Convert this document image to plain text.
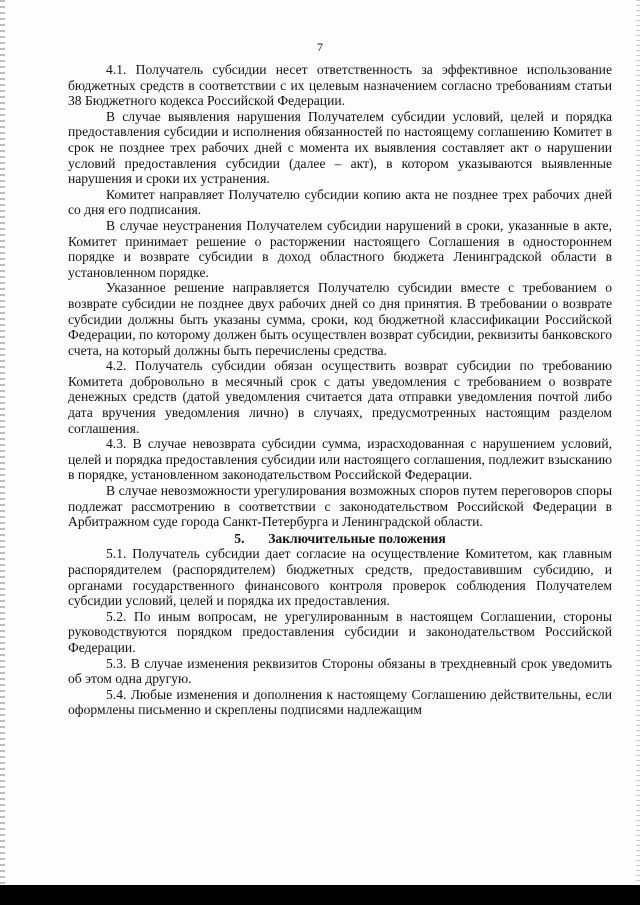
7

4.1. Получатель субсидии несет ответственность за эффективное использование бюджетных средств в соответствии с их целевым назначением согласно требованиям статьи 38 Бюджетного кодекса Российской Федерации.

В случае выявления нарушения Получателем субсидии условий, целей и порядка предоставления субсидии и исполнения обязанностей по настоящему соглашению Комитет в срок не позднее трех рабочих дней с момента их выявления составляет акт о нарушении условий предоставления субсидии (далее – акт), в котором указываются выявленные нарушения и сроки их устранения.

Комитет направляет Получателю субсидии копию акта не позднее трех рабочих дней со дня его подписания.

В случае неустранения Получателем субсидии нарушений в сроки, указанные в акте, Комитет принимает решение о расторжении настоящего Соглашения в одностороннем порядке и возврате субсидии в доход областного бюджета Ленинградской области в установленном порядке.

Указанное решение направляется Получателю субсидии вместе с требованием о возврате субсидии не позднее двух рабочих дней со дня принятия. В требовании о возврате субсидии должны быть указаны сумма, сроки, код бюджетной классификации Российской Федерации, по которому должен быть осуществлен возврат субсидии, реквизиты банковского счета, на который должны быть перечислены средства.

4.2. Получатель субсидии обязан осуществить возврат субсидии по требованию Комитета добровольно в месячный срок с даты уведомления с требованием о возврате денежных средств (датой уведомления считается дата отправки уведомления почтой либо дата вручения уведомления лично) в случаях, предусмотренных настоящим разделом соглашения.

4.3. В случае невозврата субсидии сумма, израсходованная с нарушением условий, целей и порядка предоставления субсидии или настоящего соглашения, подлежит взысканию в порядке, установленном законодательством Российской Федерации.

В случае невозможности урегулирования возможных споров путем переговоров споры подлежат рассмотрению в соответствии с законодательством Российской Федерации в Арбитражном суде города Санкт-Петербурга и Ленинградской области.

5.       Заключительные положения

5.1. Получатель субсидии дает согласие на осуществление Комитетом, как главным распорядителем (распорядителем) бюджетных средств, предоставившим субсидию, и органами государственного финансового контроля проверок соблюдения Получателем субсидии условий, целей и порядка их предоставления.

5.2. По иным вопросам, не урегулированным в настоящем Соглашении, стороны руководствуются порядком предоставления субсидии и законодательством Российской Федерации.

5.3. В случае изменения реквизитов Стороны обязаны в трехдневный срок уведомить об этом одна другую.

5.4. Любые изменения и дополнения к настоящему Соглашению действительны, если оформлены письменно и скреплены подписями надлежащим
